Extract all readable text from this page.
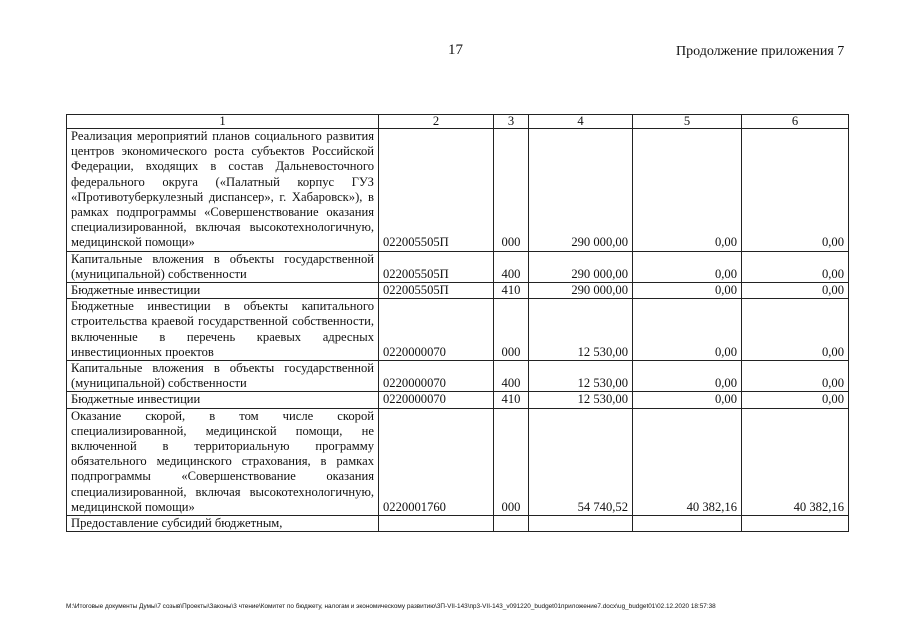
17	Продолжение приложения 7
1	2	3	4	5	6
Реализация мероприятий планов социального развития центров экономического роста субъектов Российской Федерации, входящих в состав Дальневосточного федерального округа («Палатный корпус ГУЗ «Противотуберкулезный диспансер», г. Хабаровск»), в рамках подпрограммы «Совершенствование оказания специализированной, включая высокотехнологичную, медицинской помощи»	022005505П	000	290 000,00	0,00	0,00
Капитальные вложения в объекты государственной (муниципальной) собственности	022005505П	400	290 000,00	0,00	0,00
Бюджетные инвестиции	022005505П	410	290 000,00	0,00	0,00
Бюджетные инвестиции в объекты капитального строительства краевой государственной собственности, включенные в перечень краевых адресных инвестиционных проектов	0220000070	000	12 530,00	0,00	0,00
Капитальные вложения в объекты государственной (муниципальной) собственности	0220000070	400	12 530,00	0,00	0,00
Бюджетные инвестиции	0220000070	410	12 530,00	0,00	0,00
Оказание скорой, в том числе скорой специализированной, медицинской помощи, не включенной в территориальную программу обязательного медицинского страхования, в рамках подпрограммы «Совершенствование оказания специализированной, включая высокотехнологичную, медицинской помощи»	0220001760	000	54 740,52	40 382,16	40 382,16
Предоставление субсидий бюджетным,					
M:\Итоговые документы Думы\7 созыв\Проекты\Законы\3 чтение\Комитет по бюджету, налогам и экономическому развитию\3П-VII-143\пр3-VII-143_v091220_budget01приложение7.docx\ug_budget01\02.12.2020 18:57:38
